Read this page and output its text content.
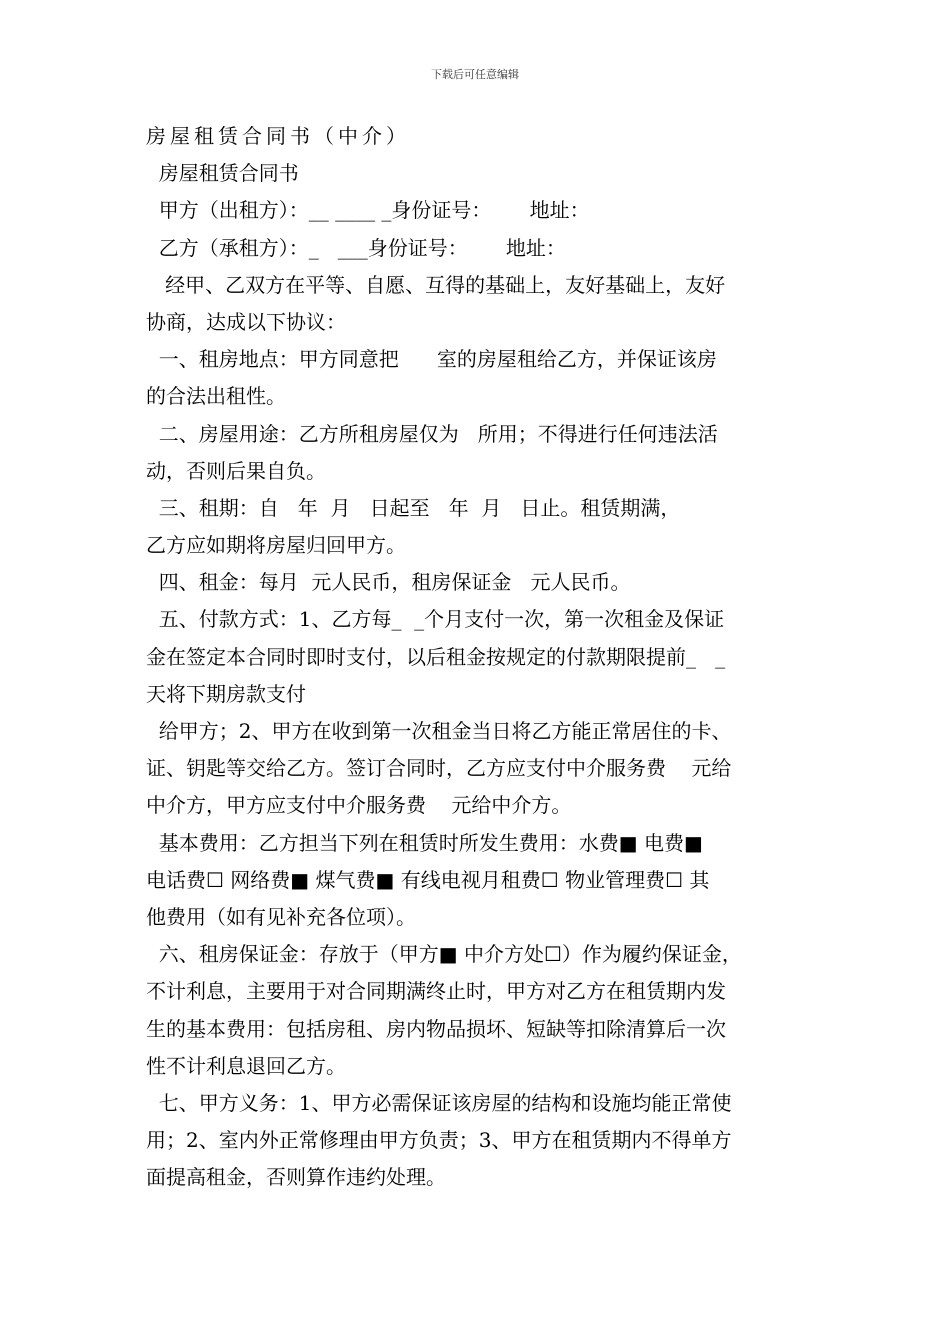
下载后可任意编辑
房屋租赁合同书（中介）
房屋租赁合同书
甲方（出租方）：__ ____ _身份证号：      地址：
乙方（承租方）：_   ___身份证号：      地址：
经甲、乙双方在平等、自愿、互得的基础上，友好基础上，友好
协商，达成以下协议：
一、租房地点：甲方同意把      室的房屋租给乙方，并保证该房
的合法出租性。
二、房屋用途：乙方所租房屋仅为   所用；不得进行任何违法活
动，否则后果自负。
三、租期：自   年  月   日起至   年  月   日止。租赁期满，
乙方应如期将房屋归回甲方。
四、租金：每月  元人民币，租房保证金   元人民币。
五、付款方式：1、乙方每_  _个月支付一次，第一次租金及保证
金在签定本合同时即时支付，以后租金按规定的付款期限提前_   _
天将下期房款支付
给甲方；2、甲方在收到第一次租金当日将乙方能正常居住的卡、
证、钥匙等交给乙方。签订合同时，乙方应支付中介服务费    元给
中介方，甲方应支付中介服务费    元给中介方。
基本费用：乙方担当下列在租赁时所发生费用：水费■ 电费■
电话费☐ 网络费■ 煤气费■ 有线电视月租费☐ 物业管理费☐ 其
他费用（如有见补充各位项）。
六、租房保证金：存放于（甲方■ 中介方处☐）作为履约保证金，
不计利息，主要用于对合同期满终止时，甲方对乙方在租赁期内发
生的基本费用：包括房租、房内物品损坏、短缺等扣除清算后一次
性不计利息退回乙方。
七、甲方义务：1、甲方必需保证该房屋的结构和设施均能正常使
用；2、室内外正常修理由甲方负责；3、甲方在租赁期内不得单方
面提高租金，否则算作违约处理。
